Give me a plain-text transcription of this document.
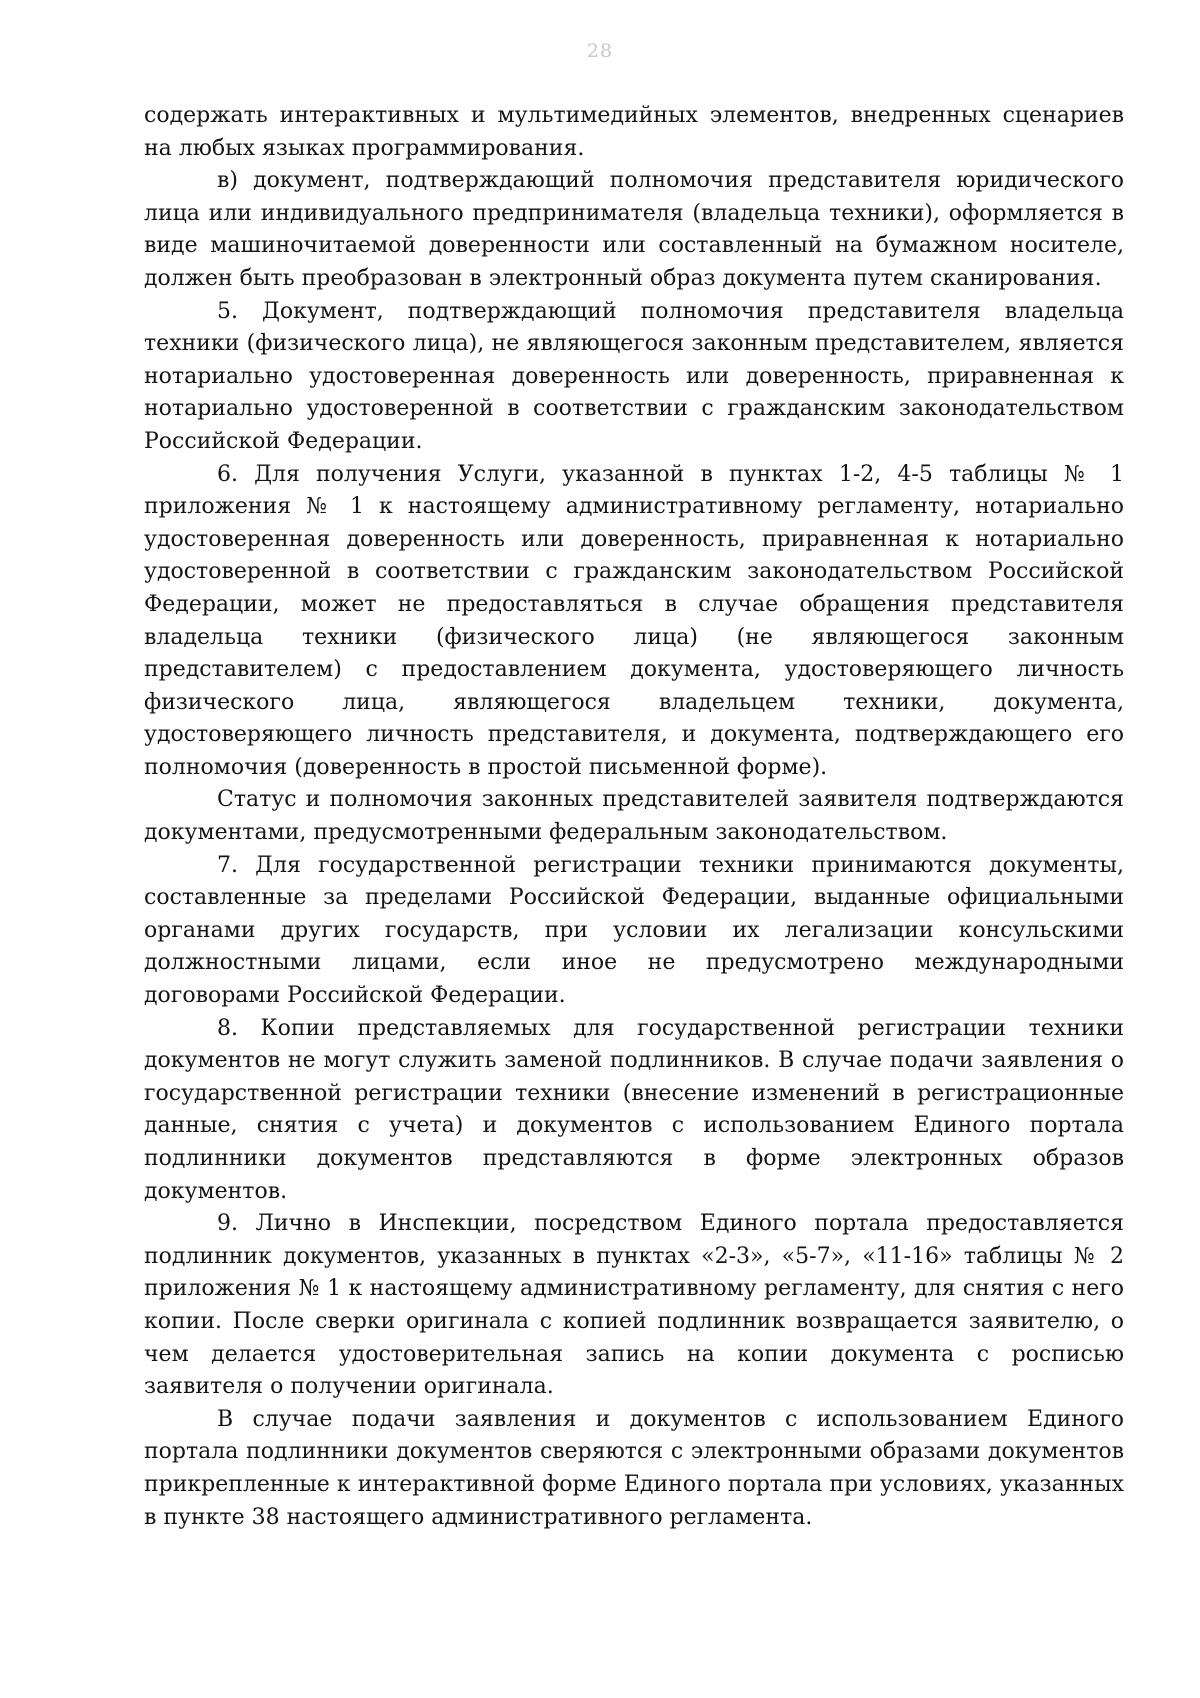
28

содержать интерактивных и мультимедийных элементов, внедренных сценариев на любых языках программирования.

в) документ, подтверждающий полномочия представителя юридического лица или индивидуального предпринимателя (владельца техники), оформляется в виде машиночитаемой доверенности или составленный на бумажном носителе, должен быть преобразован в электронный образ документа путем сканирования.

5. Документ, подтверждающий полномочия представителя владельца техники (физического лица), не являющегося законным представителем, является нотариально удостоверенная доверенность или доверенность, приравненная к нотариально удостоверенной в соответствии с гражданским законодательством Российской Федерации.

6. Для получения Услуги, указанной в пунктах 1-2, 4-5 таблицы № 1 приложения № 1 к настоящему административному регламенту, нотариально удостоверенная доверенность или доверенность, приравненная к нотариально удостоверенной в соответствии с гражданским законодательством Российской Федерации, может не предоставляться в случае обращения представителя владельца техники (физического лица) (не являющегося законным представителем) с предоставлением документа, удостоверяющего личность физического лица, являющегося владельцем техники, документа, удостоверяющего личность представителя, и документа, подтверждающего его полномочия (доверенность в простой письменной форме).

Статус и полномочия законных представителей заявителя подтверждаются документами, предусмотренными федеральным законодательством.

7. Для государственной регистрации техники принимаются документы, составленные за пределами Российской Федерации, выданные официальными органами других государств, при условии их легализации консульскими должностными лицами, если иное не предусмотрено международными договорами Российской Федерации.

8. Копии представляемых для государственной регистрации техники документов не могут служить заменой подлинников. В случае подачи заявления о государственной регистрации техники (внесение изменений в регистрационные данные, снятия с учета) и документов с использованием Единого портала подлинники документов представляются в форме электронных образов документов.

9. Лично в Инспекции, посредством Единого портала предоставляется подлинник документов, указанных в пунктах «2-3», «5-7», «11-16» таблицы № 2 приложения № 1 к настоящему административному регламенту, для снятия с него копии. После сверки оригинала с копией подлинник возвращается заявителю, о чем делается удостоверительная запись на копии документа с росписью заявителя о получении оригинала.

В случае подачи заявления и документов с использованием Единого портала подлинники документов сверяются с электронными образами документов прикрепленные к интерактивной форме Единого портала при условиях, указанных в пункте 38 настоящего административного регламента.
